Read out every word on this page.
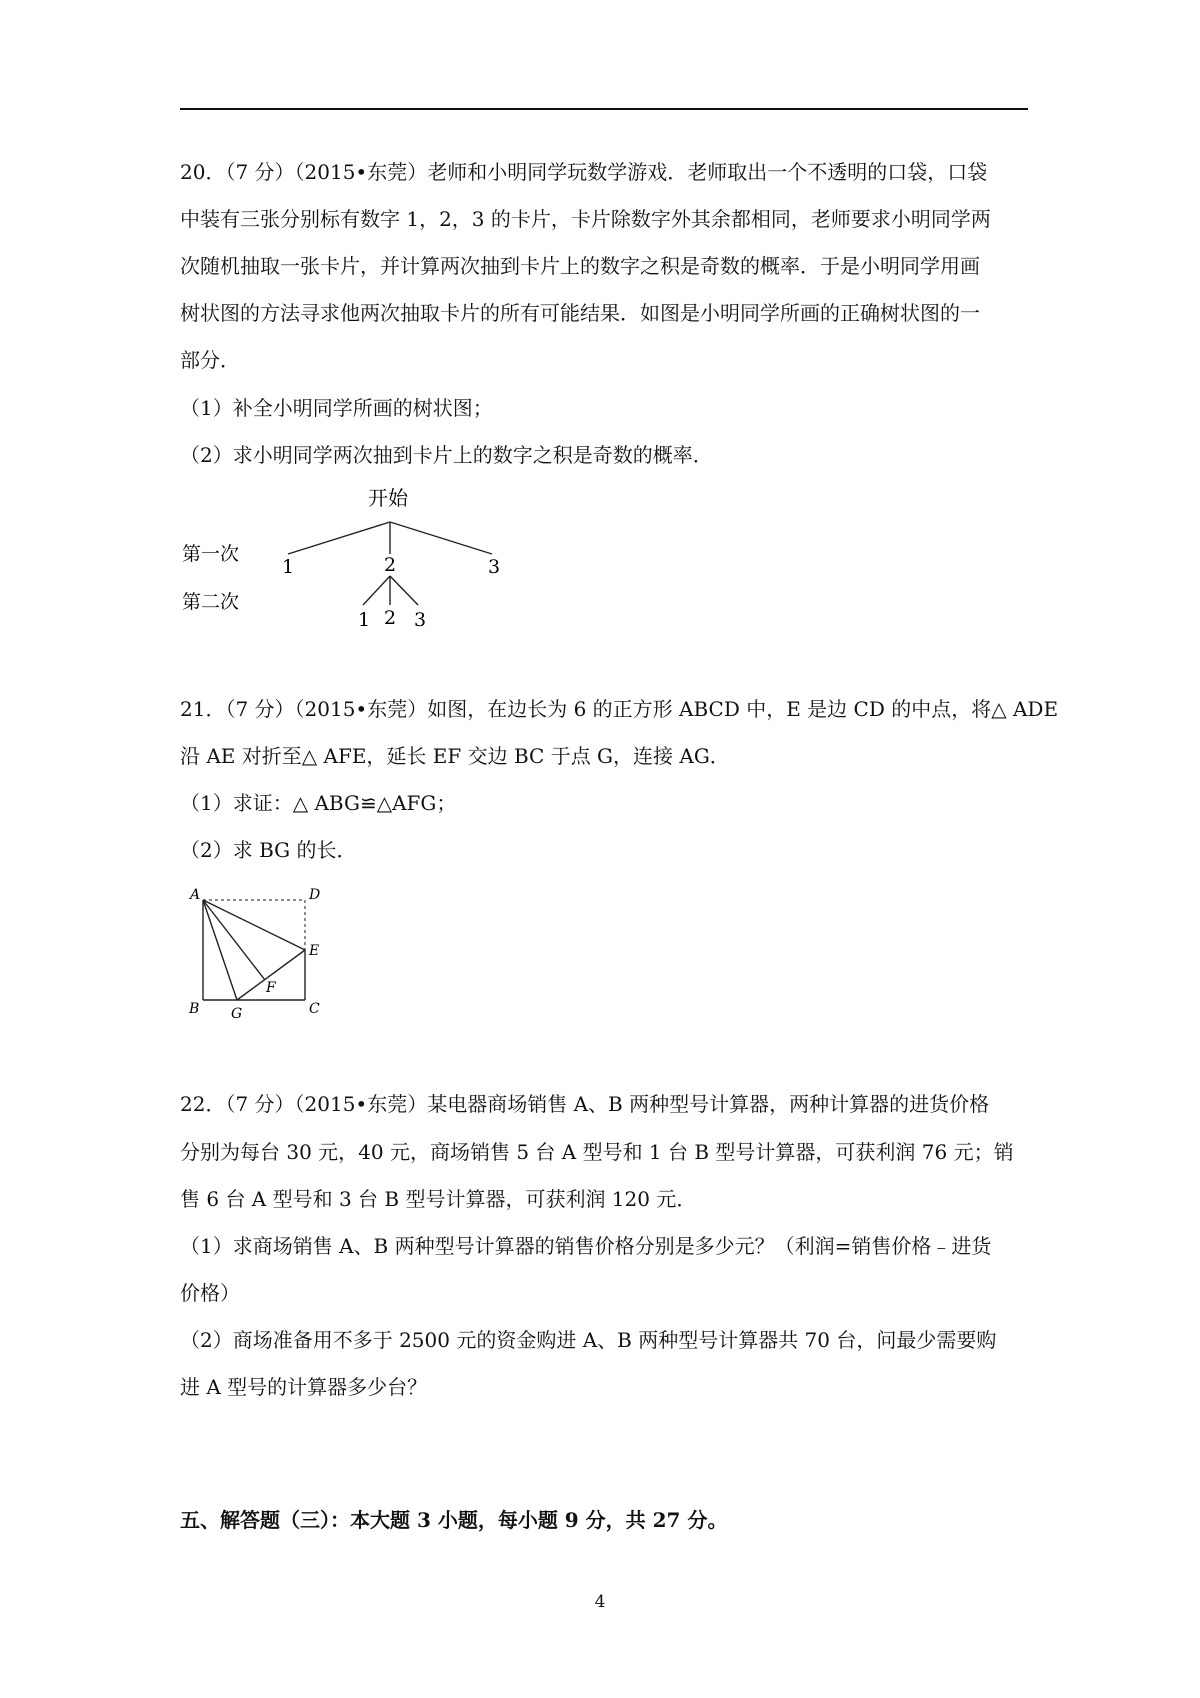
20．（7 分）（2015•东莞）老师和小明同学玩数学游戏．老师取出一个不透明的口袋，口袋
中装有三张分别标有数字 1，2，3 的卡片，卡片除数字外其余都相同，老师要求小明同学两
次随机抽取一张卡片，并计算两次抽到卡片上的数字之积是奇数的概率．于是小明同学用画
树状图的方法寻求他两次抽取卡片的所有可能结果．如图是小明同学所画的正确树状图的一
部分．
（1）补全小明同学所画的树状图；
（2）求小明同学两次抽到卡片上的数字之积是奇数的概率．
开始
第一次
第二次
1	2	3
1 2 3
21．（7 分）（2015•东莞）如图，在边长为 6 的正方形 ABCD 中，E 是边 CD 的中点，将△ ADE
沿 AE 对折至△ AFE，延长 EF 交边 BC 于点 G，连接 AG．
（1）求证：△ ABG≌△AFG；
（2）求 BG 的长．
A	D
E
F
B G	C
22．（7 分）（2015•东莞）某电器商场销售 A、B 两种型号计算器，两种计算器的进货价格
分别为每台 30 元，40 元，商场销售 5 台 A 型号和 1 台 B 型号计算器，可获利润 76 元；销
售 6 台 A 型号和 3 台 B 型号计算器，可获利润 120 元．
（1）求商场销售 A、B 两种型号计算器的销售价格分别是多少元？（利润=销售价格﹣进货
价格）
（2）商场准备用不多于 2500 元的资金购进 A、B 两种型号计算器共 70 台，问最少需要购
进 A 型号的计算器多少台？
五、解答题（三）：本大题 3 小题，每小题 9 分，共 27 分。
4
